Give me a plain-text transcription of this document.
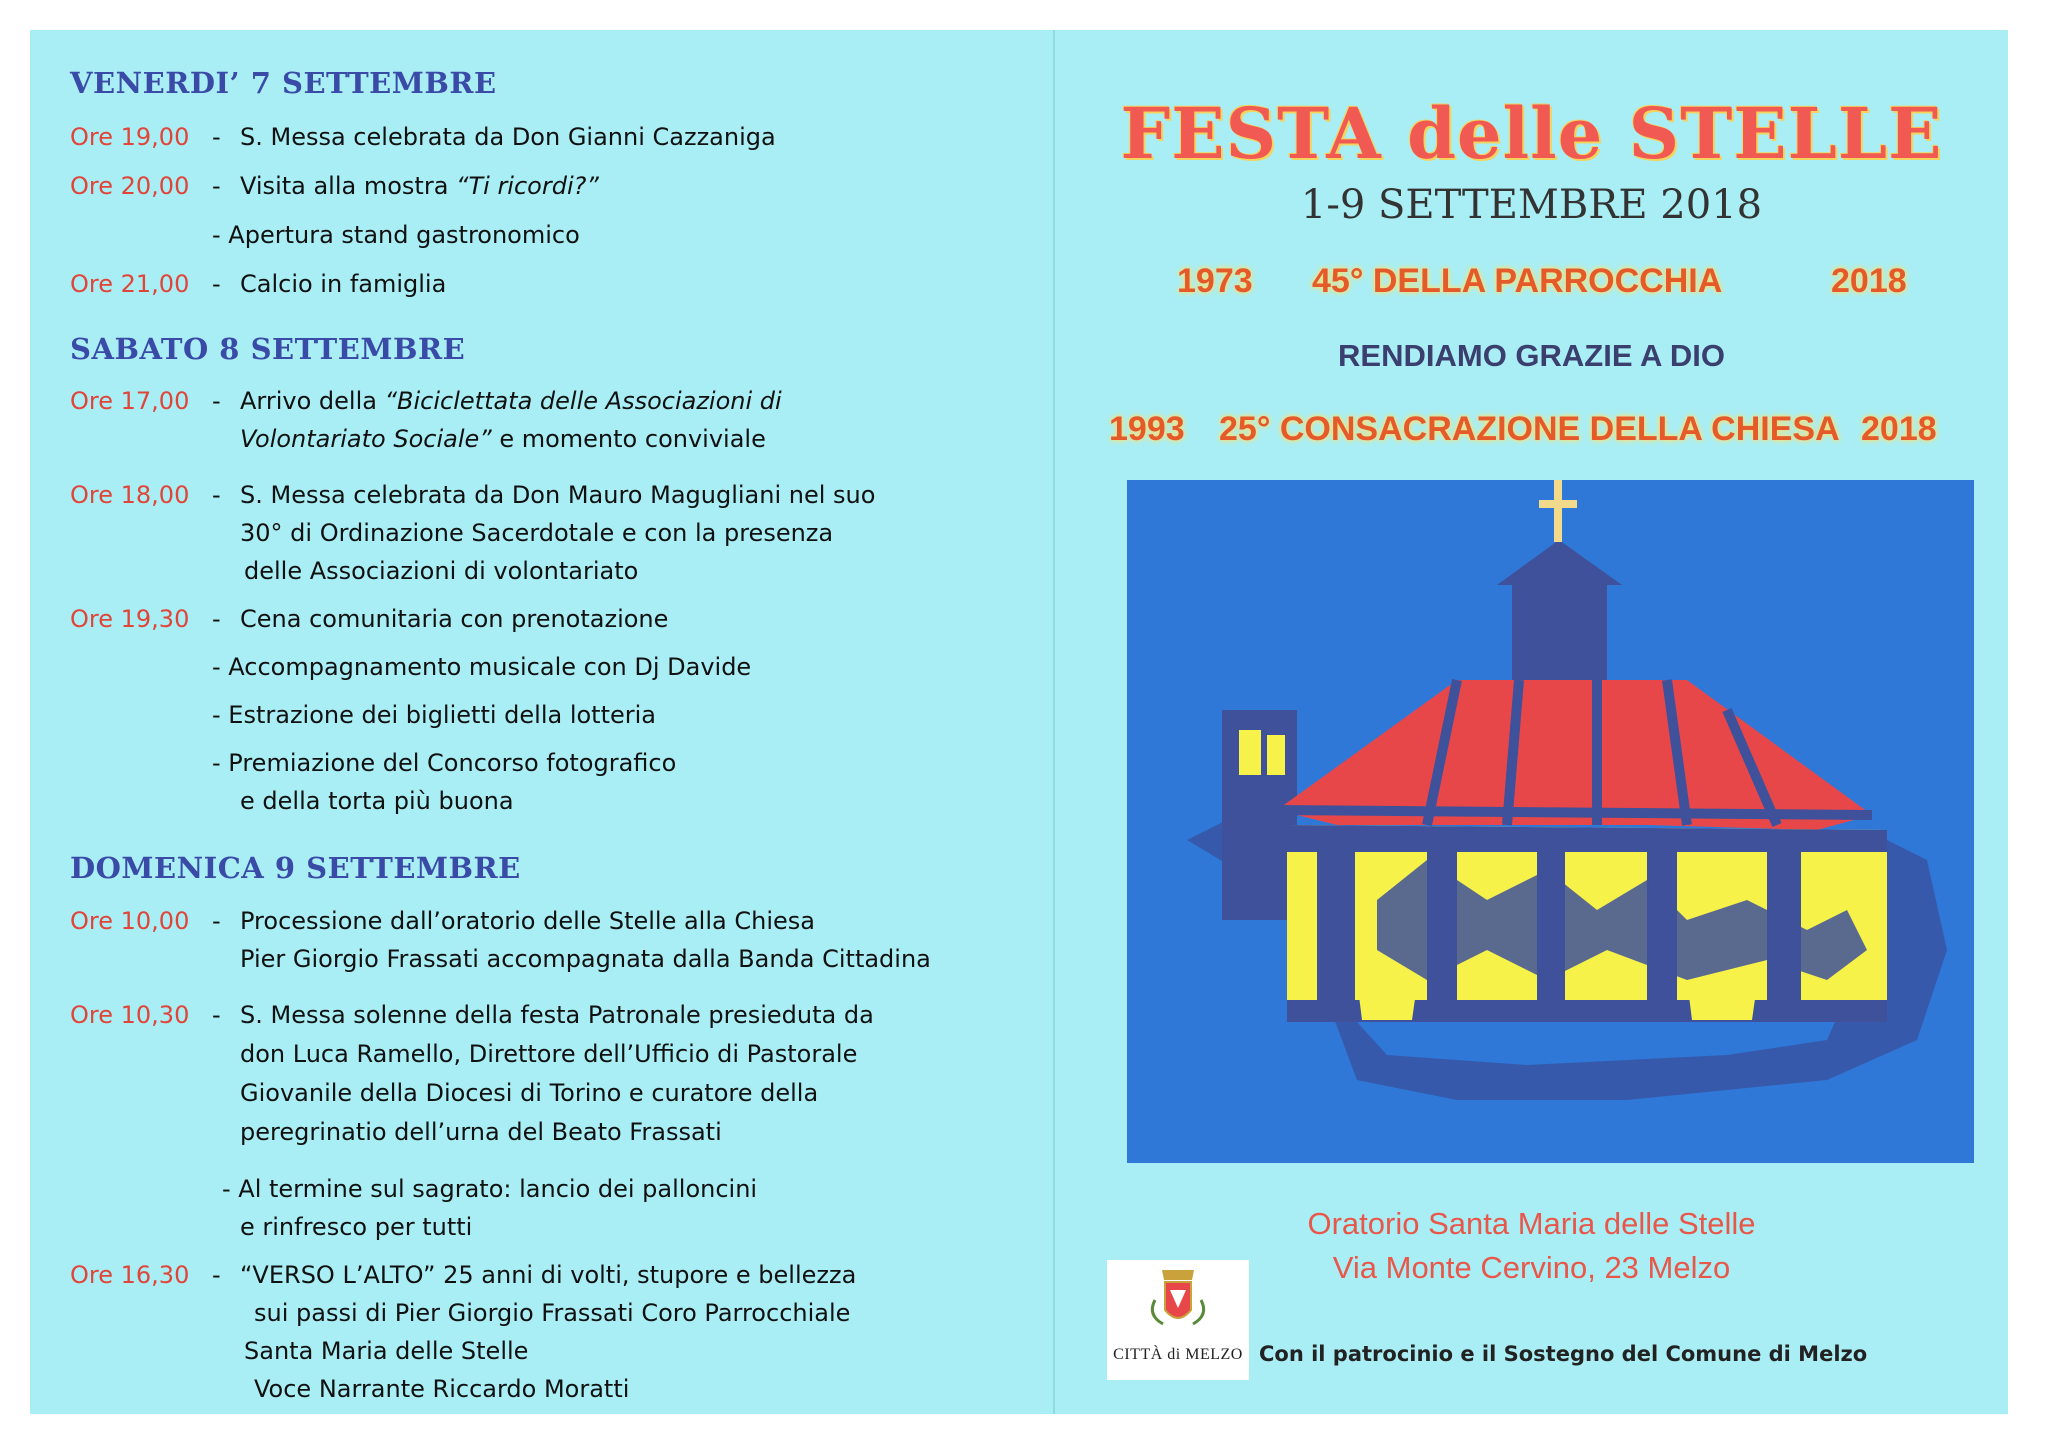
VENERDI’ 7 SETTEMBRE
Ore 19,00 - S. Messa celebrata da Don Gianni Cazzaniga
Ore 20,00 - Visita alla mostra “Ti ricordi?”
- Apertura stand gastronomico
Ore 21,00 - Calcio in famiglia
SABATO 8 SETTEMBRE
Ore 17,00 - Arrivo della “Biciclettata delle Associazioni di
Volontariato Sociale” e momento conviviale
Ore 18,00 - S. Messa celebrata da Don Mauro Magugliani nel suo
30° di Ordinazione Sacerdotale e con la presenza
delle Associazioni di volontariato
Ore 19,30 - Cena comunitaria con prenotazione
- Accompagnamento musicale con Dj Davide
- Estrazione dei biglietti della lotteria
- Premiazione del Concorso fotografico
e della torta più buona
DOMENICA 9 SETTEMBRE
Ore 10,00 - Processione dall’oratorio delle Stelle alla Chiesa
Pier Giorgio Frassati accompagnata dalla Banda Cittadina
Ore 10,30 - S. Messa solenne della festa Patronale presieduta da
don Luca Ramello, Direttore dell’Ufficio di Pastorale
Giovanile della Diocesi di Torino e curatore della
peregrinatio dell’urna del Beato Frassati
- Al termine sul sagrato: lancio dei palloncini
e rinfresco per tutti
Ore 16,30 - “VERSO L’ALTO” 25 anni di volti, stupore e bellezza
sui passi di Pier Giorgio Frassati Coro Parrocchiale
Santa Maria delle Stelle
Voce Narrante Riccardo Moratti
FESTA delle STELLE
1-9 SETTEMBRE 2018
1973 45° DELLA PARROCCHIA	2018
RENDIAMO GRAZIE A DIO
1993 25° CONSACRAZIONE DELLA CHIESA 2018
Oratorio Santa Maria delle Stelle
Via Monte Cervino, 23 Melzo
CITTÀ di MELZO Con il patrocinio e il Sostegno del Comune di Melzo
